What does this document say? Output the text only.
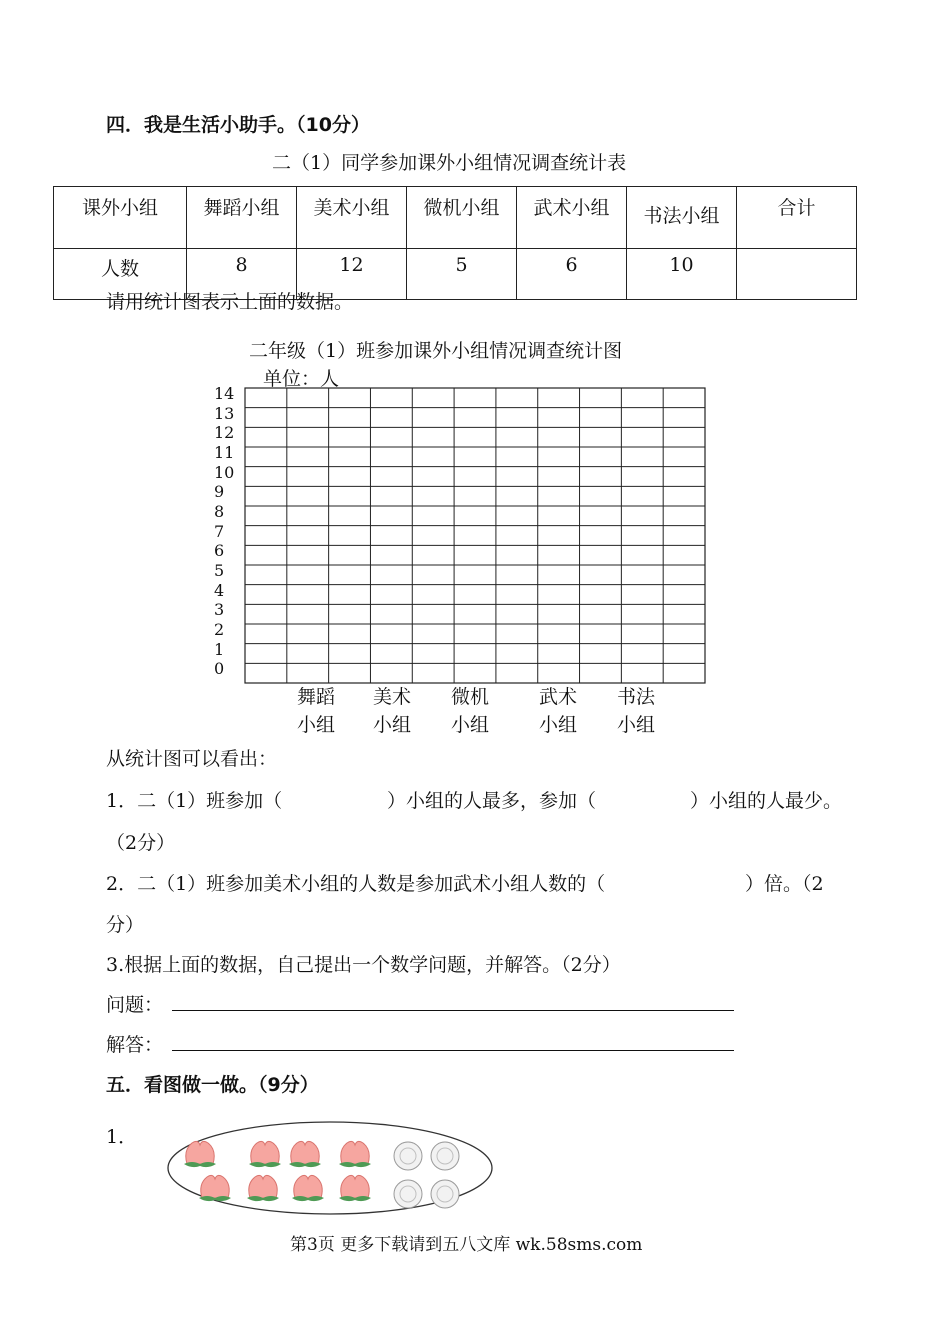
四．我是生活小助手。（10分）
二（1）同学参加课外小组情况调查统计表
课外小组	舞蹈小组	美术小组	微机小组	武术小组	书法小组	合计
人数	8	12	5	6	10	
请用统计图表示上面的数据。
二年级（1）班参加课外小组情况调查统计图
单位：人
14
13
12
11
10
9
8
7
6
5
4
3
2
1
0
舞蹈
小组
美术
小组
微机
小组
武术
小组
书法
小组
从统计图可以看出：
1．二（1）班参加（	）小组的人最多，参加（	）小组的人最少。
（2分）
2．二（1）班参加美术小组的人数是参加武术小组人数的（	）倍。（2
分）
3.根据上面的数据，自己提出一个数学问题，并解答。（2分）
问题：
解答：
五．看图做一做。（9分）
1．
第3页 更多下载请到五八文库 wk.58sms.com
